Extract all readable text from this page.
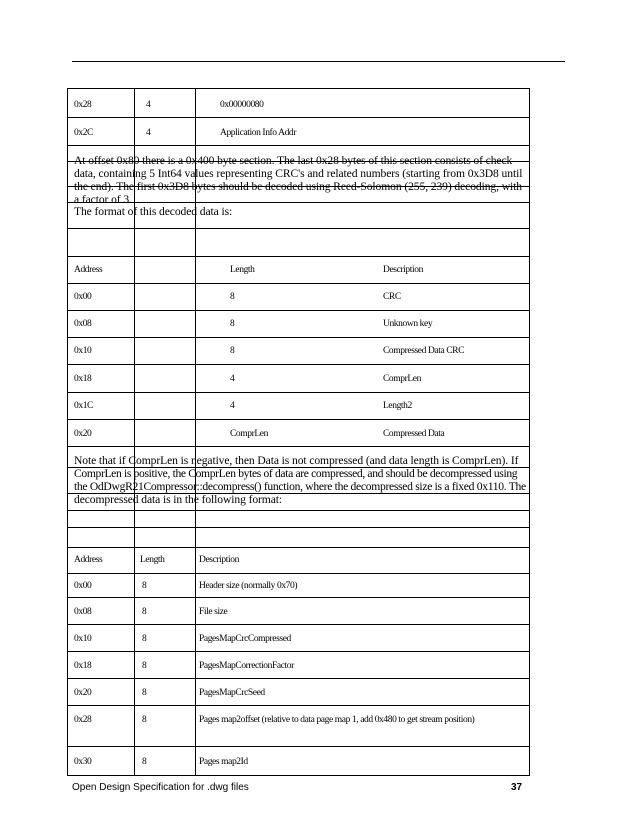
0x28	4	0x00000080
0x2C	4	Application Info Addr
At offset 0x80 there is a 0x400 byte section. The last 0x28 bytes of this section consists of check
data, containing 5 Int64 values representing CRC's and related numbers (starting from 0x3D8 until
the end). The first 0x3D8 bytes should be decoded using Reed-Solomon (255, 239) decoding, with
a factor of 3.
The format of this decoded data is:
Address	Length	Description
0x00	8	CRC
0x08	8	Unknown key
0x10	8	Compressed Data CRC
0x18	4	ComprLen
0x1C	4	Length2
0x20	ComprLen	Compressed Data
Note that if ComprLen is negative, then Data is not compressed (and data length is ComprLen). If
ComprLen is positive, the ComprLen bytes of data are compressed, and should be decompressed using
the OdDwgR21Compressor::decompress() function, where the decompressed size is a fixed 0x110. The
decompressed data is in the following format:
Address	Length	Description
0x00	8	Header size (normally 0x70)
0x08	8	File size
0x10	8	PagesMapCrcCompressed
0x18	8	PagesMapCorrectionFactor
0x20	8	PagesMapCrcSeed
0x28	8	Pages map2offset (relative to data page map 1, add 0x480 to get stream position)
0x30	8	Pages map2Id
Open Design Specification for .dwg files	37
